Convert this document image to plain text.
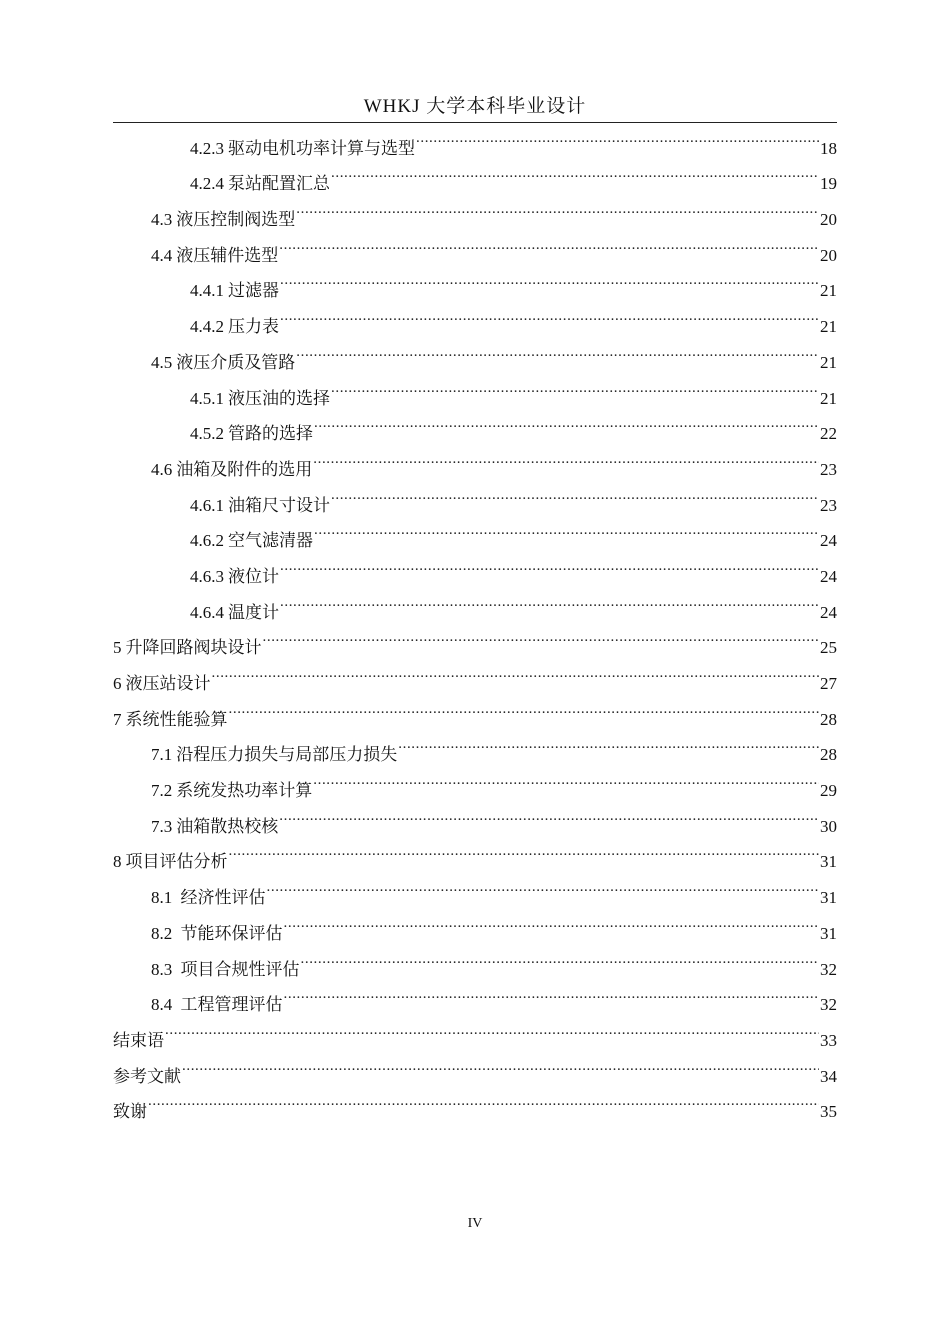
WHKJ 大学本科毕业设计
4.2.3 驱动电机功率计算与选型 .....	18
4.2.4 泵站配置汇总 .....	19
4.3 液压控制阀选型 .....	20
4.4 液压辅件选型 .....	20
4.4.1 过滤器 .....	21
4.4.2 压力表 .....	21
4.5 液压介质及管路 .....	21
4.5.1 液压油的选择 .....	21
4.5.2 管路的选择 .....	22
4.6 油箱及附件的选用 .....	23
4.6.1 油箱尺寸设计 .....	23
4.6.2 空气滤清器 .....	24
4.6.3 液位计 .....	24
4.6.4 温度计 .....	24
5 升降回路阀块设计 .....	25
6 液压站设计 .....	27
7 系统性能验算 .....	28
7.1 沿程压力损失与局部压力损失 .....	28
7.2 系统发热功率计算 .....	29
7.3 油箱散热校核 .....	30
8 项目评估分析 .....	31
8.1 经济性评估 .....	31
8.2 节能环保评估 .....	31
8.3 项目合规性评估 .....	32
8.4 工程管理评估 .....	32
结束语 .....	33
参考文献 .....	34
致谢 .....	35
IV
